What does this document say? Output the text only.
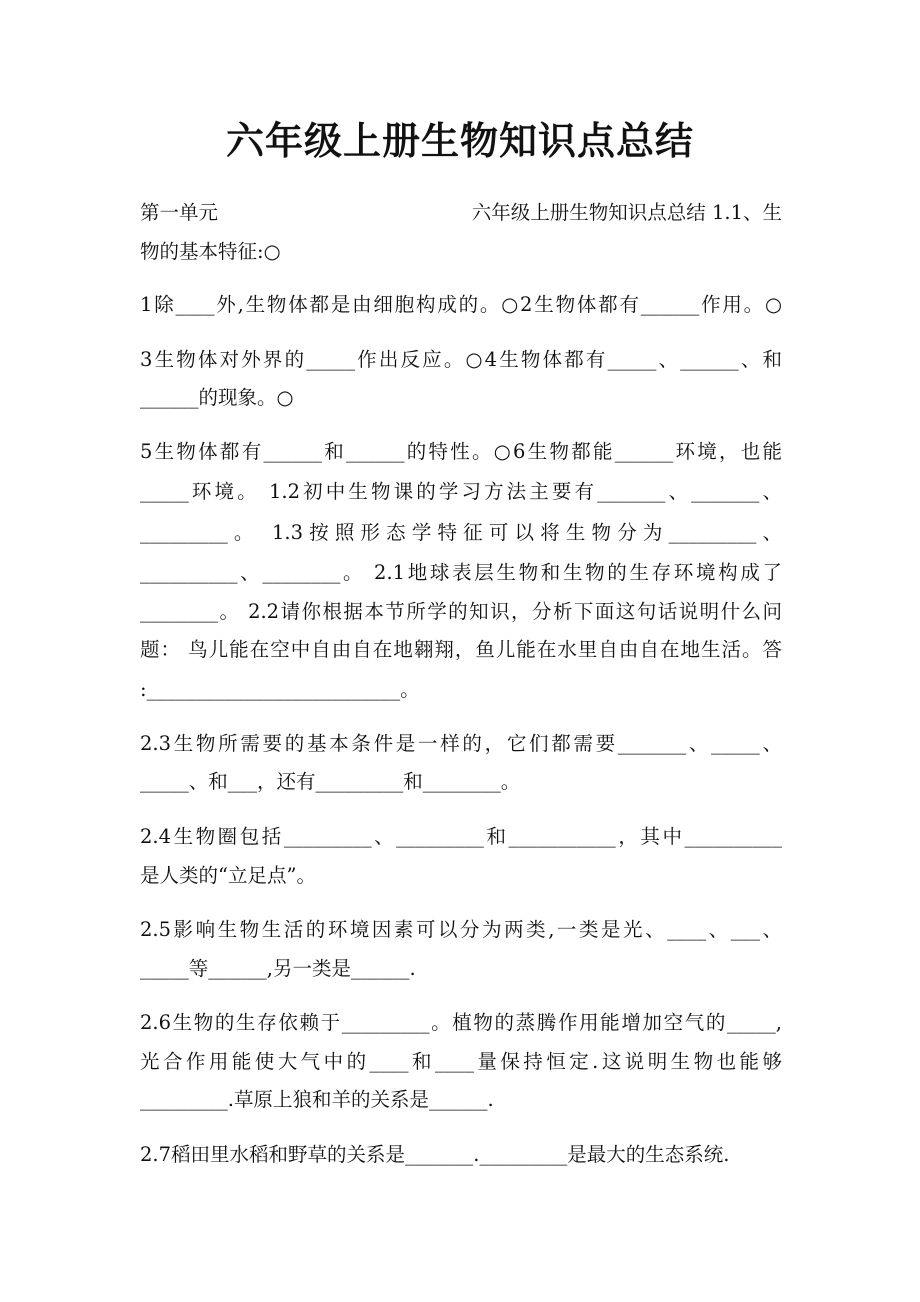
六年级上册生物知识点总结
第一单元	六年级上册生物知识点总结 1.1、生
物的基本特征:○
1除____外,生物体都是由细胞构成的。○2生物体都有______作用。○
3生物体对外界的_____作出反应。○4生物体都有_____、______、和
______的现象。○
5生物体都有______和______的特性。○6生物都能______环境，也能
_____环境。 1.2初中生物课的学习方法主要有_______、_______、
_________。 1.3按照形态学特征可以将生物分为_________、
__________、________。 2.1地球表层生物和生物的生存环境构成了
________。 2.2请你根据本节所学的知识，分析下面这句话说明什么问
题： 鸟儿能在空中自由自在地翱翔，鱼儿能在水里自由自在地生活。答
:__________________________。
2.3生物所需要的基本条件是一样的，它们都需要_______、_____、
_____、和___，还有_________和________。
2.4生物圈包括_________、_________和___________，其中__________
是人类的“立足点”。
2.5影响生物生活的环境因素可以分为两类,一类是光、____、___、
_____等______,另一类是______.
2.6生物的生存依赖于_________。植物的蒸腾作用能增加空气的_____,
光合作用能使大气中的____和____量保持恒定.这说明生物也能够
_________.草原上狼和羊的关系是______.
2.7稻田里水稻和野草的关系是_______._________是最大的生态系统.
